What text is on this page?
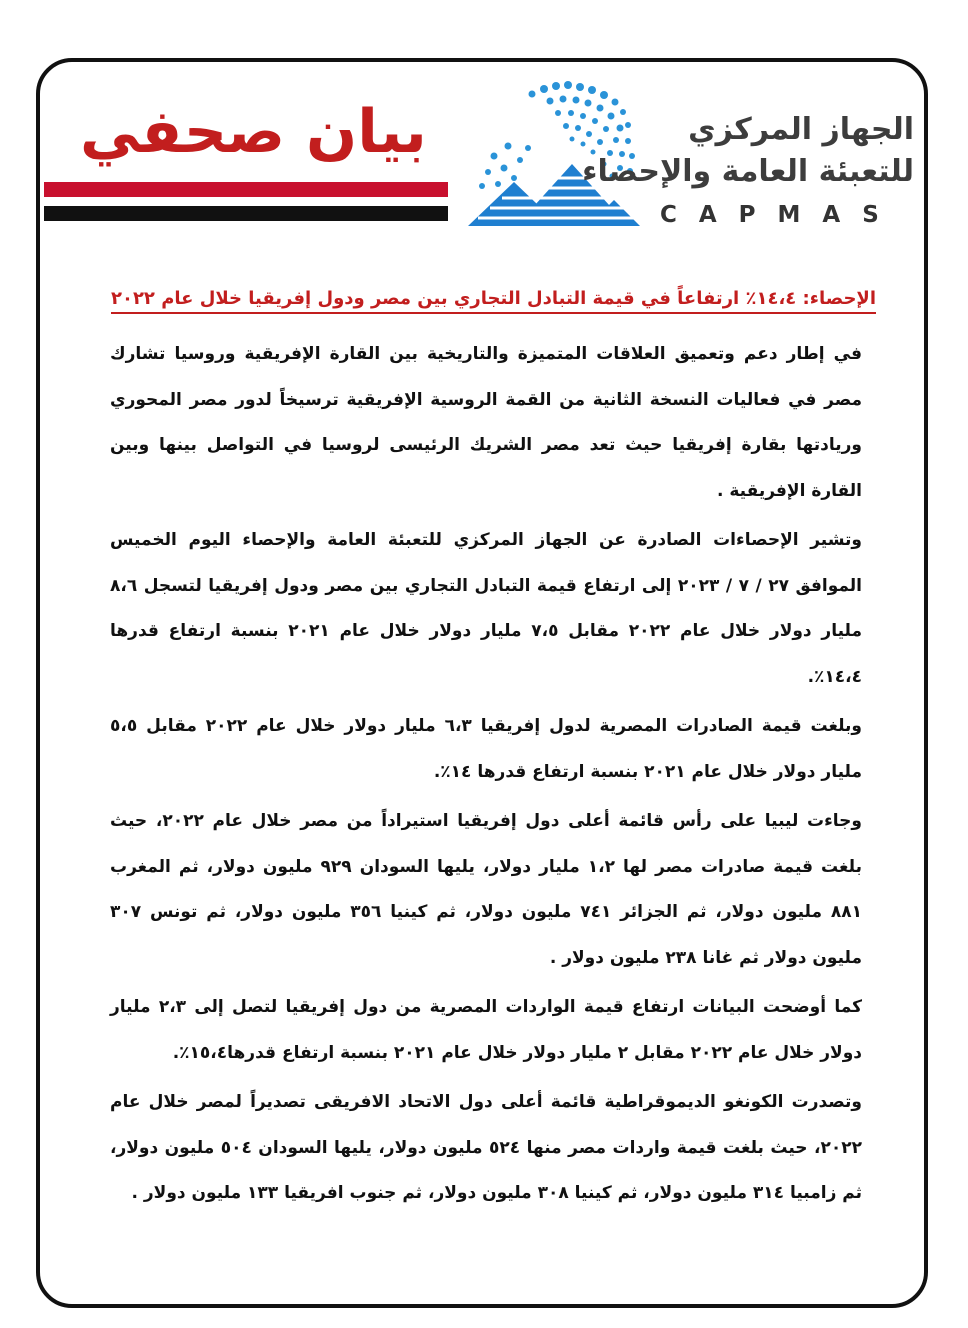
بيان صحفي	الجهاز المركزي
للتعبئة العامة والإحصاء
CAPMAS
الإحصاء: ١٤،٤٪ ارتفاعاً في قيمة التبادل التجاري بين مصر ودول إفريقيا خلال عام ٢٠٢٢

في إطار دعم وتعميق العلاقات المتميزة والتاريخية بين القارة الإفريقية وروسيا تشارك مصر في فعاليات النسخة الثانية من القمة الروسية الإفريقية ترسيخاً لدور مصر المحوري وريادتها بقارة إفريقيا حيث تعد مصر الشريك الرئيسى لروسيا في التواصل بينها وبين القارة الإفريقية .

وتشير الإحصاءات الصادرة عن الجهاز المركزي للتعبئة العامة والإحصاء اليوم الخميس الموافق ٢٧ / ٧ / ٢٠٢٣ إلى ارتفاع قيمة التبادل التجاري بين مصر ودول إفريقيا لتسجل ٨،٦ مليار دولار خلال عام ٢٠٢٢ مقابل ٧،٥ مليار دولار خلال عام ٢٠٢١ بنسبة ارتفاع قدرها ١٤،٤٪.

وبلغت قيمة الصادرات المصرية لدول إفريقيا ٦،٣ مليار دولار خلال عام ٢٠٢٢ مقابل ٥،٥ مليار دولار خلال عام ٢٠٢١ بنسبة ارتفاع قدرها ١٤٪.

وجاءت ليبيا على رأس قائمة أعلى دول إفريقيا استيراداً من مصر خلال عام ٢٠٢٢، حيث بلغت قيمة صادرات مصر لها ١،٢ مليار دولار، يليها السودان ٩٢٩ مليون دولار، ثم المغرب ٨٨١ مليون دولار، ثم الجزائر ٧٤١ مليون دولار، ثم كينيا ٣٥٦ مليون دولار، ثم تونس ٣٠٧ مليون دولار ثم غانا ٢٣٨ مليون دولار .

كما أوضحت البيانات ارتفاع قيمة الواردات المصرية من دول إفريقيا لتصل إلى ٢،٣ مليار دولار خلال عام ٢٠٢٢ مقابل ٢ مليار دولار خلال عام ٢٠٢١ بنسبة ارتفاع قدرها١٥،٤٪.

وتصدرت الكونغو الديموقراطية قائمة أعلى دول الاتحاد الافريقى تصديراً لمصر خلال عام ٢٠٢٢، حيث بلغت قيمة واردات مصر منها ٥٢٤ مليون دولار، يليها السودان ٥٠٤ مليون دولار، ثم زامبيا ٣١٤ مليون دولار، ثم كينيا ٣٠٨ مليون دولار، ثم جنوب افريقيا ١٣٣ مليون دولار .
